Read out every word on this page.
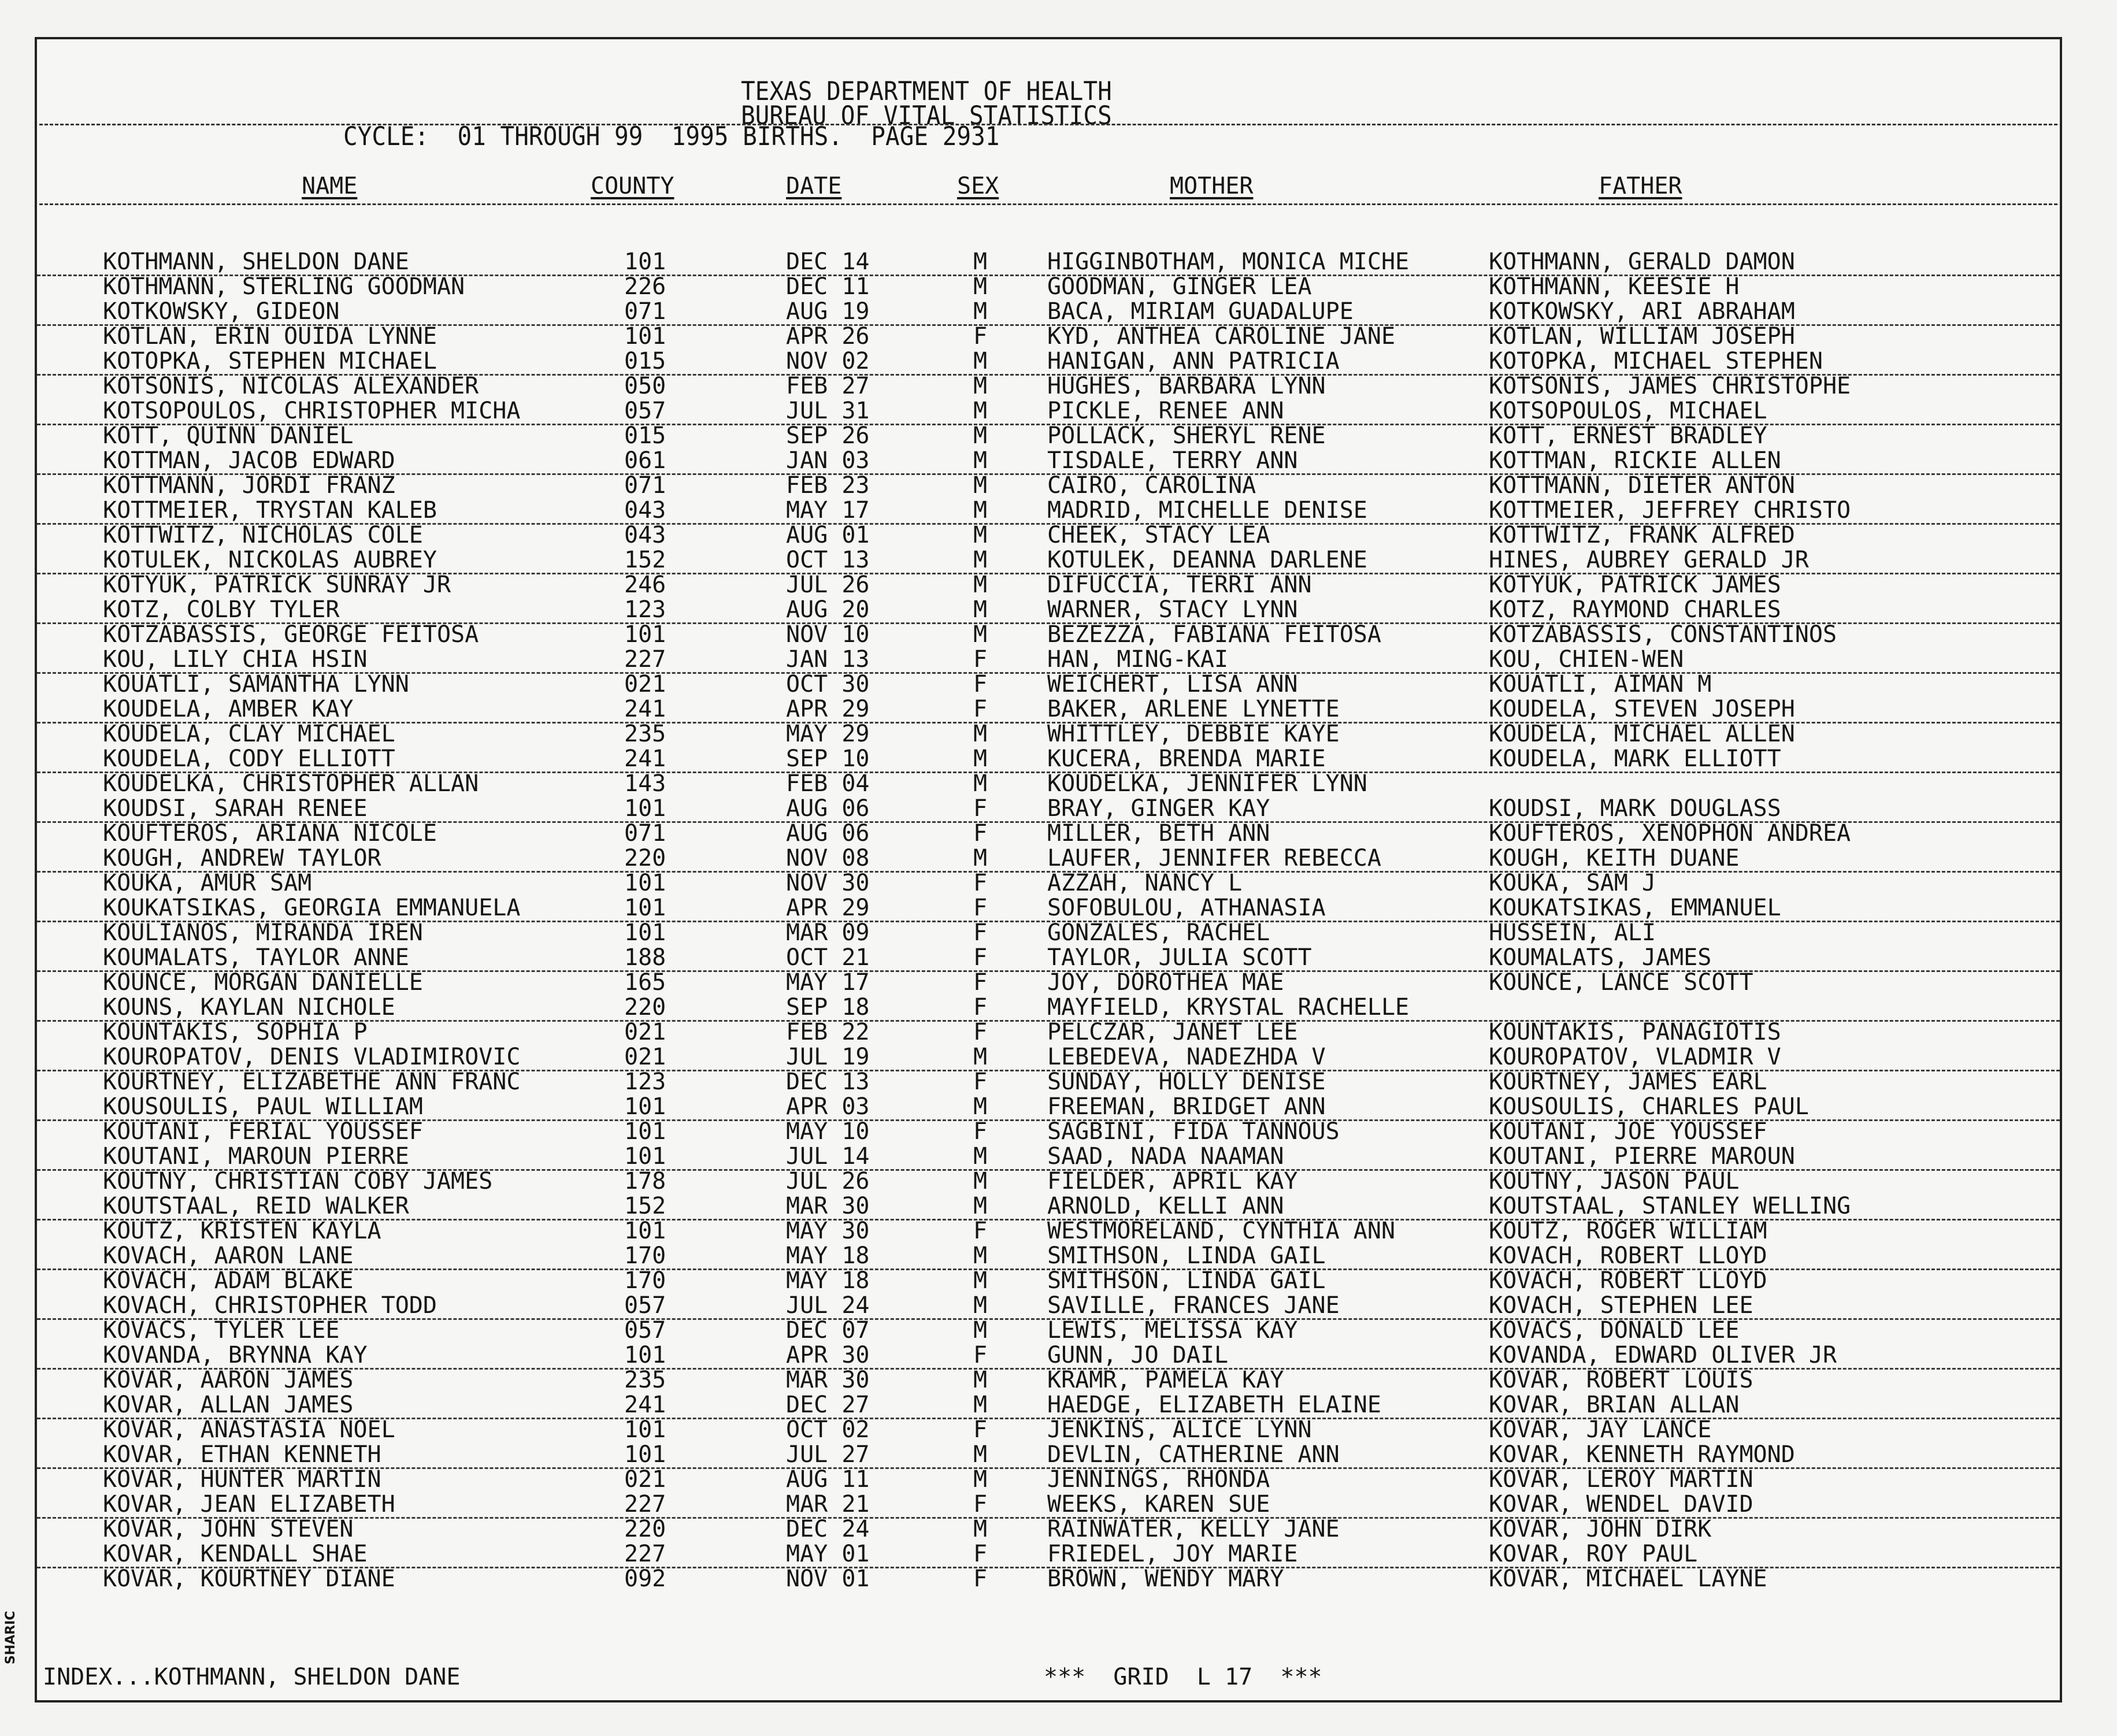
TEXAS DEPARTMENT OF HEALTH
BUREAU OF VITAL STATISTICS
CYCLE:  01 THROUGH 99  1995 BIRTHS.  PAGE 2931
NAME	COUNTY	DATE	SEX	MOTHER	FATHER
KOTHMANN, SHELDON DANE	101	DEC 14	M	HIGGINBOTHAM, MONICA MICHE	KOTHMANN, GERALD DAMON
KOTHMANN, STERLING GOODMAN	226	DEC 11	M	GOODMAN, GINGER LEA	KOTHMANN, KEESIE H
KOTKOWSKY, GIDEON	071	AUG 19	M	BACA, MIRIAM GUADALUPE	KOTKOWSKY, ARI ABRAHAM
KOTLAN, ERIN OUIDA LYNNE	101	APR 26	F	KYD, ANTHEA CAROLINE JANE	KOTLAN, WILLIAM JOSEPH
KOTOPKA, STEPHEN MICHAEL	015	NOV 02	M	HANIGAN, ANN PATRICIA	KOTOPKA, MICHAEL STEPHEN
KOTSONIS, NICOLAS ALEXANDER	050	FEB 27	M	HUGHES, BARBARA LYNN	KOTSONIS, JAMES CHRISTOPHE
KOTSOPOULOS, CHRISTOPHER MICHA	057	JUL 31	M	PICKLE, RENEE ANN	KOTSOPOULOS, MICHAEL
KOTT, QUINN DANIEL	015	SEP 26	M	POLLACK, SHERYL RENE	KOTT, ERNEST BRADLEY
KOTTMAN, JACOB EDWARD	061	JAN 03	M	TISDALE, TERRY ANN	KOTTMAN, RICKIE ALLEN
KOTTMANN, JORDI FRANZ	071	FEB 23	M	CAIRO, CAROLINA	KOTTMANN, DIETER ANTON
KOTTMEIER, TRYSTAN KALEB	043	MAY 17	M	MADRID, MICHELLE DENISE	KOTTMEIER, JEFFREY CHRISTO
KOTTWITZ, NICHOLAS COLE	043	AUG 01	M	CHEEK, STACY LEA	KOTTWITZ, FRANK ALFRED
KOTULEK, NICKOLAS AUBREY	152	OCT 13	M	KOTULEK, DEANNA DARLENE	HINES, AUBREY GERALD JR
KOTYUK, PATRICK SUNRAY JR	246	JUL 26	M	DIFUCCIA, TERRI ANN	KOTYUK, PATRICK JAMES
KOTZ, COLBY TYLER	123	AUG 20	M	WARNER, STACY LYNN	KOTZ, RAYMOND CHARLES
KOTZABASSIS, GEORGE FEITOSA	101	NOV 10	M	BEZEZZA, FABIANA FEITOSA	KOTZABASSIS, CONSTANTINOS
KOU, LILY CHIA HSIN	227	JAN 13	F	HAN, MING-KAI	KOU, CHIEN-WEN
KOUATLI, SAMANTHA LYNN	021	OCT 30	F	WEICHERT, LISA ANN	KOUATLI, AIMAN M
KOUDELA, AMBER KAY	241	APR 29	F	BAKER, ARLENE LYNETTE	KOUDELA, STEVEN JOSEPH
KOUDELA, CLAY MICHAEL	235	MAY 29	M	WHITTLEY, DEBBIE KAYE	KOUDELA, MICHAEL ALLEN
KOUDELA, CODY ELLIOTT	241	SEP 10	M	KUCERA, BRENDA MARIE	KOUDELA, MARK ELLIOTT
KOUDELKA, CHRISTOPHER ALLAN	143	FEB 04	M	KOUDELKA, JENNIFER LYNN
KOUDSI, SARAH RENEE	101	AUG 06	F	BRAY, GINGER KAY	KOUDSI, MARK DOUGLASS
KOUFTEROS, ARIANA NICOLE	071	AUG 06	F	MILLER, BETH ANN	KOUFTEROS, XENOPHON ANDREA
KOUGH, ANDREW TAYLOR	220	NOV 08	M	LAUFER, JENNIFER REBECCA	KOUGH, KEITH DUANE
KOUKA, AMUR SAM	101	NOV 30	F	AZZAH, NANCY L	KOUKA, SAM J
KOUKATSIKAS, GEORGIA EMMANUELA	101	APR 29	F	SOFOBULOU, ATHANASIA	KOUKATSIKAS, EMMANUEL
KOULIANOS, MIRANDA IREN	101	MAR 09	F	GONZALES, RACHEL	HUSSEIN, ALI
KOUMALATS, TAYLOR ANNE	188	OCT 21	F	TAYLOR, JULIA SCOTT	KOUMALATS, JAMES
KOUNCE, MORGAN DANIELLE	165	MAY 17	F	JOY, DOROTHEA MAE	KOUNCE, LANCE SCOTT
KOUNS, KAYLAN NICHOLE	220	SEP 18	F	MAYFIELD, KRYSTAL RACHELLE
KOUNTAKIS, SOPHIA P	021	FEB 22	F	PELCZAR, JANET LEE	KOUNTAKIS, PANAGIOTIS
KOUROPATOV, DENIS VLADIMIROVIC	021	JUL 19	M	LEBEDEVA, NADEZHDA V	KOUROPATOV, VLADMIR V
KOURTNEY, ELIZABETHE ANN FRANC	123	DEC 13	F	SUNDAY, HOLLY DENISE	KOURTNEY, JAMES EARL
KOUSOULIS, PAUL WILLIAM	101	APR 03	M	FREEMAN, BRIDGET ANN	KOUSOULIS, CHARLES PAUL
KOUTANI, FERIAL YOUSSEF	101	MAY 10	F	SAGBINI, FIDA TANNOUS	KOUTANI, JOE YOUSSEF
KOUTANI, MAROUN PIERRE	101	JUL 14	M	SAAD, NADA NAAMAN	KOUTANI, PIERRE MAROUN
KOUTNY, CHRISTIAN COBY JAMES	178	JUL 26	M	FIELDER, APRIL KAY	KOUTNY, JASON PAUL
KOUTSTAAL, REID WALKER	152	MAR 30	M	ARNOLD, KELLI ANN	KOUTSTAAL, STANLEY WELLING
KOUTZ, KRISTEN KAYLA	101	MAY 30	F	WESTMORELAND, CYNTHIA ANN	KOUTZ, ROGER WILLIAM
KOVACH, AARON LANE	170	MAY 18	M	SMITHSON, LINDA GAIL	KOVACH, ROBERT LLOYD
KOVACH, ADAM BLAKE	170	MAY 18	M	SMITHSON, LINDA GAIL	KOVACH, ROBERT LLOYD
KOVACH, CHRISTOPHER TODD	057	JUL 24	M	SAVILLE, FRANCES JANE	KOVACH, STEPHEN LEE
KOVACS, TYLER LEE	057	DEC 07	M	LEWIS, MELISSA KAY	KOVACS, DONALD LEE
KOVANDA, BRYNNA KAY	101	APR 30	F	GUNN, JO DAIL	KOVANDA, EDWARD OLIVER JR
KOVAR, AARON JAMES	235	MAR 30	M	KRAMR, PAMELA KAY	KOVAR, ROBERT LOUIS
KOVAR, ALLAN JAMES	241	DEC 27	M	HAEDGE, ELIZABETH ELAINE	KOVAR, BRIAN ALLAN
KOVAR, ANASTASIA NOEL	101	OCT 02	F	JENKINS, ALICE LYNN	KOVAR, JAY LANCE
KOVAR, ETHAN KENNETH	101	JUL 27	M	DEVLIN, CATHERINE ANN	KOVAR, KENNETH RAYMOND
KOVAR, HUNTER MARTIN	021	AUG 11	M	JENNINGS, RHONDA	KOVAR, LEROY MARTIN
KOVAR, JEAN ELIZABETH	227	MAR 21	F	WEEKS, KAREN SUE	KOVAR, WENDEL DAVID
KOVAR, JOHN STEVEN	220	DEC 24	M	RAINWATER, KELLY JANE	KOVAR, JOHN DIRK
KOVAR, KENDALL SHAE	227	MAY 01	F	FRIEDEL, JOY MARIE	KOVAR, ROY PAUL
KOVAR, KOURTNEY DIANE	092	NOV 01	F	BROWN, WENDY MARY	KOVAR, MICHAEL LAYNE
INDEX...KOTHMANN, SHELDON DANE	***  GRID  L 17  ***
SHARIC
